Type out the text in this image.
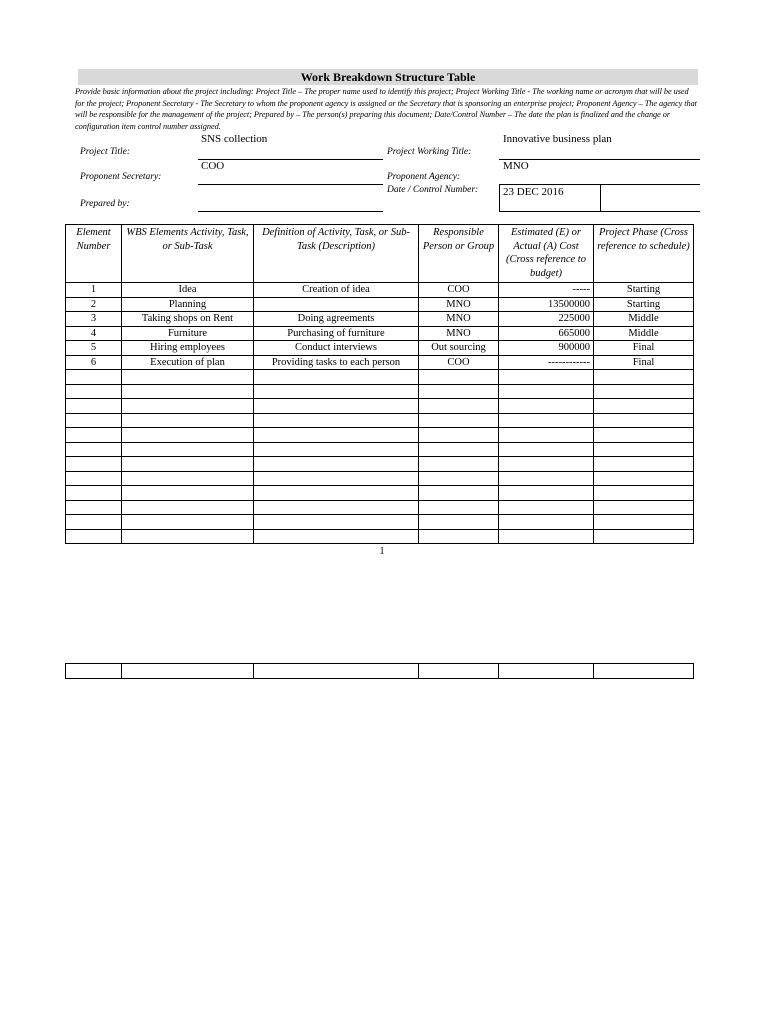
Work Breakdown Structure Table
Provide basic information about the project including: Project Title – The proper name used to identify this project; Project Working Title - The working name or acronym that will be used for the project; Proponent Secretary - The Secretary to whom the proponent agency is assigned or the Secretary that is sponsoring an enterprise project; Proponent Agency – The agency that will be responsible for the management of the project; Prepared by – The person(s) preparing this document; Date/Control Number – The date the plan is finalized and the change or configuration item control number assigned.
Project Title:
SNS collection
Proponent Secretary:
COO
Prepared by:
Project Working Title:
Innovative business plan
Proponent Agency:
MNO
Date / Control Number: 23 DEC 2016
Element Number	WBS Elements Activity, Task, or Sub-Task	Definition of Activity, Task, or Sub-Task (Description)	Responsible Person or Group	Estimated (E) or Actual (A) Cost (Cross reference to budget)	Project Phase (Cross reference to schedule)
1	Idea	Creation of idea	COO	-----	Starting
2	Planning		MNO	13500000	Starting
3	Taking shops on Rent	Doing agreements	MNO	225000	Middle
4	Furniture	Purchasing of furniture	MNO	665000	Middle
5	Hiring employees	Conduct interviews	Out sourcing	900000	Final
6	Execution of plan	Providing tasks to each person	COO	------------	Final

1
